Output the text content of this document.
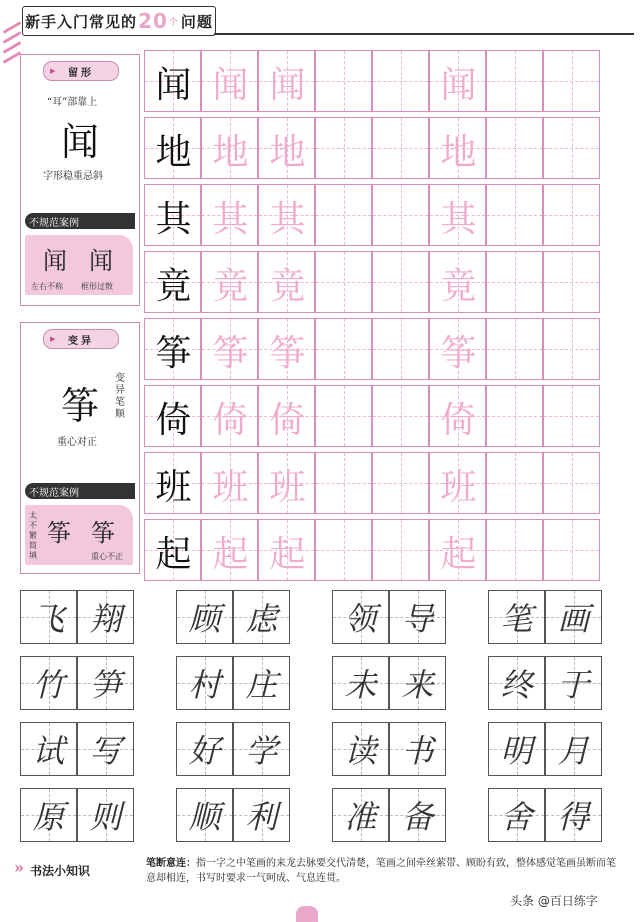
新手入门常见的 20 个 问题
▶ 留形
“耳”部靠上
闻
字形稳重忌斜
不规范案例
闻 闻
左右不称 框形过散
▶ 变异
筝
变异笔顺
重心对正
不规范案例
太不繁简填
筝 筝
重心不正
闻 闻 闻	闻
地 地 地	地
其 其 其	其
竟 竟 竟	竟
筝 筝 筝	筝
倚 倚 倚	倚
班 班 班	班
起 起 起	起
飞 翔	顾 虑	领 导	笔 画
竹 笋	村 庄	未 来	终 于
试 写	好 学	读 书	明 月
原 则	顺 利	准 备	舍 得
» 书法小知识
笔断意连：指一字之中笔画的来龙去脉要交代清楚，笔画之间牵丝萦带、顾盼有致，整体感觉笔画虽断而笔意却相连，书写时要求一气呵成、气息连贯。
头条 @百日练字
